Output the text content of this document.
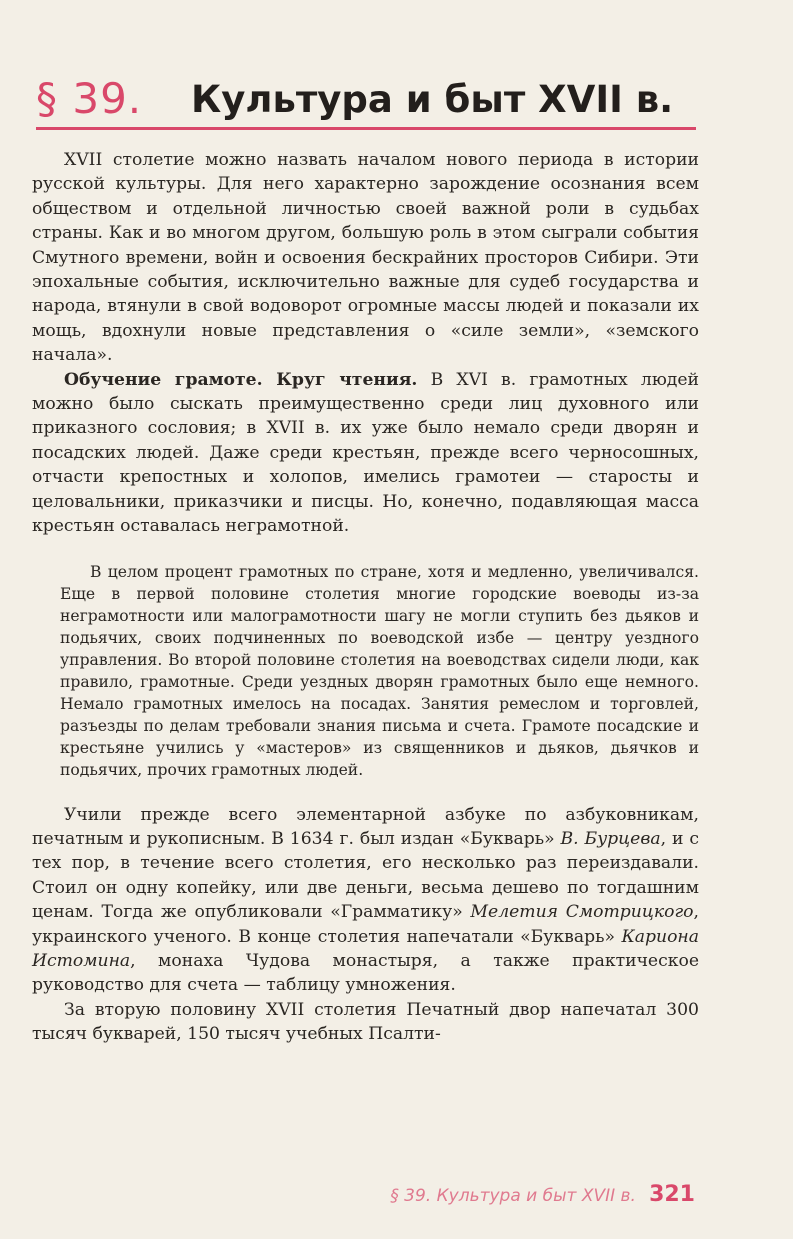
§ 39. Культура и быт XVII в.

XVII столетие можно назвать началом нового периода в истории русской культуры. Для него характерно зарождение осознания всем обществом и отдельной личностью своей важной роли в судьбах страны. Как и во многом другом, большую роль в этом сыграли события Смутного времени, войн и освоения бескрайних просторов Сибири. Эти эпохальные события, исключительно важные для судеб государства и народа, втянули в свой водоворот огромные массы людей и показали их мощь, вдохнули новые представления о «силе земли», «земского начала».

Обучение грамоте. Круг чтения. В XVI в. грамотных людей можно было сыскать преимущественно среди лиц духовного или приказного сословия; в XVII в. их уже было немало среди дворян и посадских людей. Даже среди крестьян, прежде всего черносошных, отчасти крепостных и холопов, имелись грамотеи — старосты и целовальники, приказчики и писцы. Но, конечно, подавляющая масса крестьян оставалась неграмотной.

В целом процент грамотных по стране, хотя и медленно, увеличивался. Еще в первой половине столетия многие городские воеводы из-за неграмотности или малограмотности шагу не могли ступить без дьяков и подьячих, своих подчиненных по воеводской избе — центру уездного управления. Во второй половине столетия на воеводствах сидели люди, как правило, грамотные. Среди уездных дворян грамотных было еще немного. Немало грамотных имелось на посадах. Занятия ремеслом и торговлей, разъезды по делам требовали знания письма и счета. Грамоте посадские и крестьяне учились у «мастеров» из священников и дьяков, дьячков и подьячих, прочих грамотных людей.

Учили прежде всего элементарной азбуке по азбуковникам, печатным и рукописным. В 1634 г. был издан «Букварь» В. Бурцева, и с тех пор, в течение всего столетия, его несколько раз переиздавали. Стоил он одну копейку, или две деньги, весьма дешево по тогдашним ценам. Тогда же опубликовали «Грамматику» Мелетия Смотрицкого, украинского ученого. В конце столетия напечатали «Букварь» Кариона Истомина, монаха Чудова монастыря, а также практическое руководство для счета — таблицу умножения.

За вторую половину XVII столетия Печатный двор напечатал 300 тысяч букварей, 150 тысяч учебных Псалти-

§ 39. Культура и быт XVII в. 321
